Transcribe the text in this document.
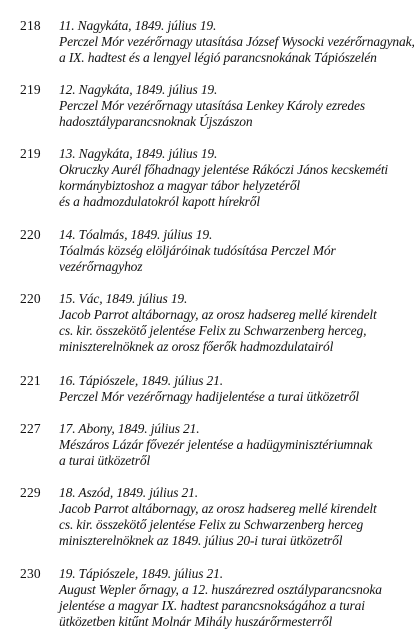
218 11. Nagykáta, 1849. július 19.
Perczel Mór vezérőrnagy utasítása József Wysocki vezérőrnagynak,
a IX. hadtest és a lengyel légió parancsnokának Tápiószelén
219 12. Nagykáta, 1849. július 19.
Perczel Mór vezérőrnagy utasítása Lenkey Károly ezredes
hadosztályparancsnoknak Újszászon
219 13. Nagykáta, 1849. július 19.
Okruczky Aurél főhadnagy jelentése Rákóczi János kecskeméti
kormánybiztoshoz a magyar tábor helyzetéről
és a hadmozdulatokról kapott hírekről
220 14. Tóalmás, 1849. július 19.
Tóalmás község elöljáróinak tudósítása Perczel Mór
vezérőrnagyhoz
220 15. Vác, 1849. július 19.
Jacob Parrot altábornagy, az orosz hadsereg mellé kirendelt
cs. kir. összekötő jelentése Felix zu Schwarzenberg herceg,
miniszterelnöknek az orosz főerők hadmozdulatairól
221 16. Tápiószele, 1849. július 21.
Perczel Mór vezérőrnagy hadijelentése a turai ütközetről
227 17. Abony, 1849. július 21.
Mészáros Lázár fővezér jelentése a hadügyminisztériumnak
a turai ütközetről
229 18. Aszód, 1849. július 21.
Jacob Parrot altábornagy, az orosz hadsereg mellé kirendelt
cs. kir. összekötő jelentése Felix zu Schwarzenberg herceg
miniszterelnöknek az 1849. július 20-i turai ütközetről
230 19. Tápiószele, 1849. július 21.
August Wepler őrnagy, a 12. huszárezred osztályparancsnoka
jelentése a magyar IX. hadtest parancsnokságához a turai
ütközetben kitűnt Molnár Mihály huszárőrmesterről
